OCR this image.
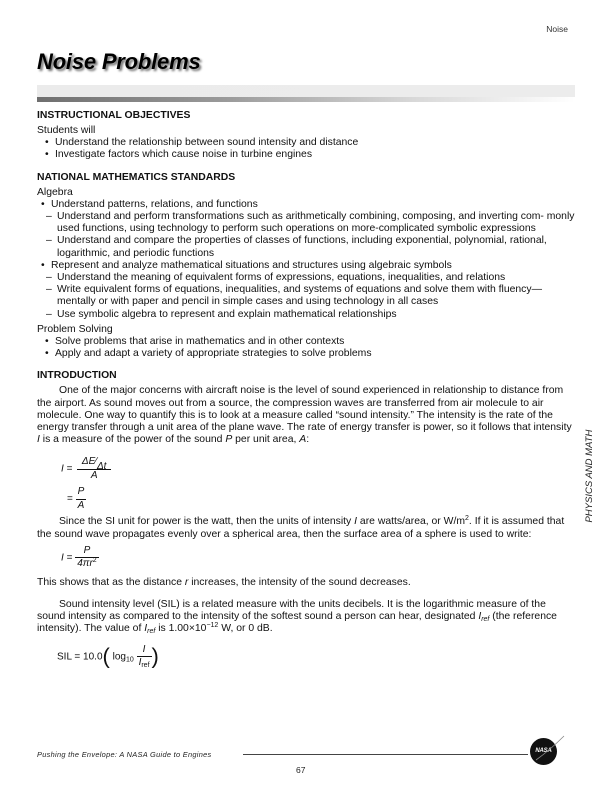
Noise
Noise Problems
INSTRUCTIONAL OBJECTIVES

Students will

• Understand the relationship between sound intensity and distance
• Investigate factors which cause noise in turbine engines
NATIONAL MATHEMATICS STANDARDS

Algebra

• Understand patterns, relations, and functions
– Understand and perform transformations such as arithmetically combining, composing, and inverting com- monly used functions, using technology to perform such operations on more-complicated symbolic expressions
– Understand and compare the properties of classes of functions, including exponential, polynomial, rational, logarithmic, and periodic functions
• Represent and analyze mathematical situations and structures using algebraic symbols
– Understand the meaning of equivalent forms of expressions, equations, inequalities, and relations
– Write equivalent forms of equations, inequalities, and systems of equations and solve them with fluency—mentally or with paper and pencil in simple cases and using technology in all cases
– Use symbolic algebra to represent and explain mathematical relationships

Problem Solving

• Solve problems that arise in mathematics and in other contexts
• Apply and adapt a variety of appropriate strategies to solve problems
INTRODUCTION

One of the major concerns with aircraft noise is the level of sound experienced in relationship to distance from the airport. As sound moves out from a source, the compression waves are transferred from air molecule to air molecule. One way to quantify this is to look at a measure called “sound intensity.” The intensity is the rate of the energy transfer through a unit area of the plane wave. The rate of energy transfer is power, so it follows that intensity I is a measure of the power of the sound P per unit area, A:

$I = \frac{\Delta E∕\Delta t}{A}$
= $\frac{P}{A}$

Since the SI unit for power is the watt, then the units of intensity I are watts/area, or $W/m^2$. If it is assumed that the sound wave propagates evenly over a spherical area, then the surface area of a sphere is used to write:

$I = \frac{P}{4\pi r^2}$

This shows that as the distance r increases, the intensity of the sound decreases.

Sound intensity level (SIL) is a related measure with the units decibels. It is the logarithmic measure of the sound intensity as compared to the intensity of the softest sound a person can hear, designated $I_{ref}$ (the reference intensity). The value of $I_{ref}$ is $1.00\times 10^{-12}$ W, or 0 dB.

SIL = 10.0( $\log_{10} \frac{I}{I_{ref}}$ )
PHYSICS AND MATH
Pushing the Envelope: A NASA Guide to Engines	NASA
67
